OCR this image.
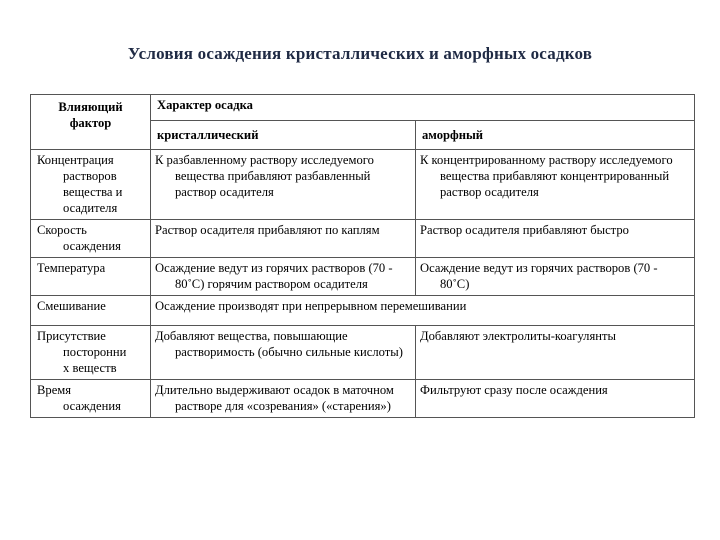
Условия осаждения кристаллических и аморфных осадков
Влияющий
фактор	Характер осадка	
	кристаллический	аморфный
Концентрация
растворов
вещества и
осадителя	К разбавленному раствору исследуемого вещества прибавляют разбавленный раствор осадителя	К концентрированному раствору исследуемого вещества прибавляют концентрированный раствор осадителя
Скорость
осаждения	Раствор осадителя прибавляют по каплям	Раствор осадителя прибавляют быстро
Температура	Осаждение ведут из горячих растворов (70 - 80˚С) горячим раствором осадителя	Осаждение ведут из горячих растворов (70 - 80˚С)
Смешивание	Осаждение производят при непрерывном перемешивании	
Присутствие
посторонни
х веществ	Добавляют вещества, повышающие растворимость (обычно сильные кислоты)	Добавляют электролиты-коагулянты
Время
осаждения	Длительно выдерживают осадок в маточном растворе для «созревания» («старения»)	Фильтруют сразу после осаждения
